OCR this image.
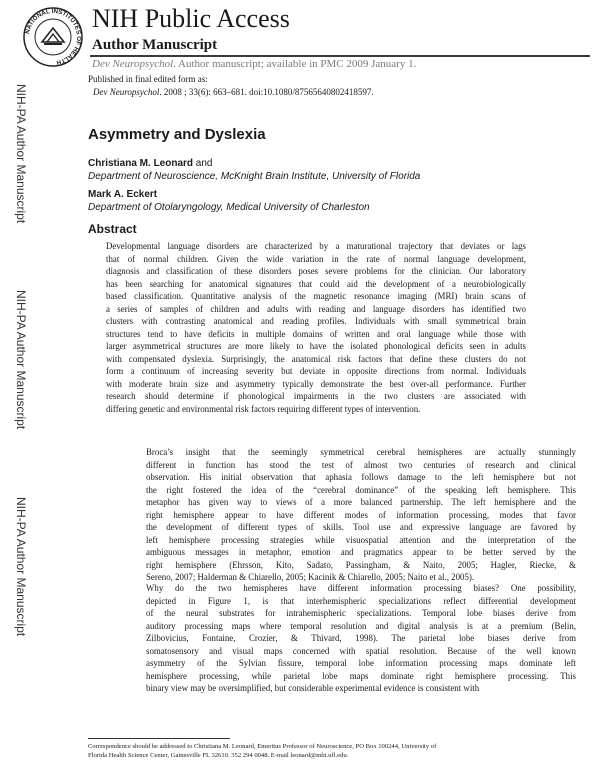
NATIONAL INSTITUTES OF HEALTH
NIH Public Access
Author Manuscript
Dev Neuropsychol. Author manuscript; available in PMC 2009 January 1.
NIH-PA Author Manuscript
NIH-PA Author Manuscript
NIH-PA Author Manuscript
Published in final edited form as:
Dev Neuropsychol. 2008 ; 33(6): 663–681. doi:10.1080/87565640802418597.
Asymmetry and Dyslexia
Christiana M. Leonard and
Department of Neuroscience, McKnight Brain Institute, University of Florida
Mark A. Eckert
Department of Otolaryngology, Medical University of Charleston
Abstract
Developmental language disorders are characterized by a maturational trajectory that deviates or lags
that of normal children. Given the wide variation in the rate of normal language development,
diagnosis and classification of these disorders poses severe problems for the clinician. Our laboratory
has been searching for anatomical signatures that could aid the development of a neurobiologically
based classification. Quantitative analysis of the magnetic resonance imaging (MRI) brain scans of
a series of samples of children and adults with reading and language disorders has identified two
clusters with contrasting anatomical and reading profiles. Individuals with small symmetrical brain
structures tend to have deficits in multiple domains of written and oral language while those with
larger asymmetrical structures are more likely to have the isolated phonological deficits seen in adults
with compensated dyslexia. Surprisingly, the anatomical risk factors that define these clusters do not
form a continuum of increasing severity but deviate in opposite directions from normal. Individuals
with moderate brain size and asymmetry typically demonstrate the best over-all performance. Further
research should determine if phonological impairments in the two clusters are associated with
differing genetic and environmental risk factors requiring different types of intervention.
Broca’s insight that the seemingly symmetrical cerebral hemispheres are actually stunningly
different in function has stood the test of almost two centuries of research and clinical
observation. His initial observation that aphasia follows damage to the left hemisphere but not
the right fostered the idea of the “cerebral dominance” of the speaking left hemisphere. This
metaphor has given way to views of a more balanced partnership. The left hemisphere and the
right hemisphere appear to have different modes of information processing, modes that favor
the development of different types of skills. Tool use and expressive language are favored by
left hemisphere processing strategies while visuospatial attention and the interpretation of the
ambiguous messages in metaphor, emotion and pragmatics appear to be better served by the
right hemisphere (Ehrsson, Kito, Sadato, Passingham, & Naito, 2005; Hagler, Riecke, &
Sereno, 2007; Halderman & Chiarello, 2005; Kacinik & Chiarello, 2005; Naito et al., 2005).
Why do the two hemispheres have different information processing biases? One possibility,
depicted in Figure 1, is that interhemispheric specializations reflect differential development
of the neural substrates for intrahemispheric specializations. Temporal lobe biases derive from
auditory processing maps where temporal resolution and digital analysis is at a premium (Belin,
Zilbovicius, Fontaine, Crozier, & Thivard, 1998). The parietal lobe biases derive from
somatosensory and visual maps concerned with spatial resolution. Because of the well known
asymmetry of the Sylvian fissure, temporal lobe information processing maps dominate left
hemisphere processing, while parietal lobe maps dominate right hemisphere processing. This
binary view may be oversimplified, but considerable experimental evidence is consistent with
Correspondence should be addressed to Christiana M. Leonard, Emeritus Professor of Neuroscience, PO Box 100244, University of
Florida Health Science Center, Gainesville FL 32610. 352 294 0048. E-mail leonard@mbi.ufl.edu.
